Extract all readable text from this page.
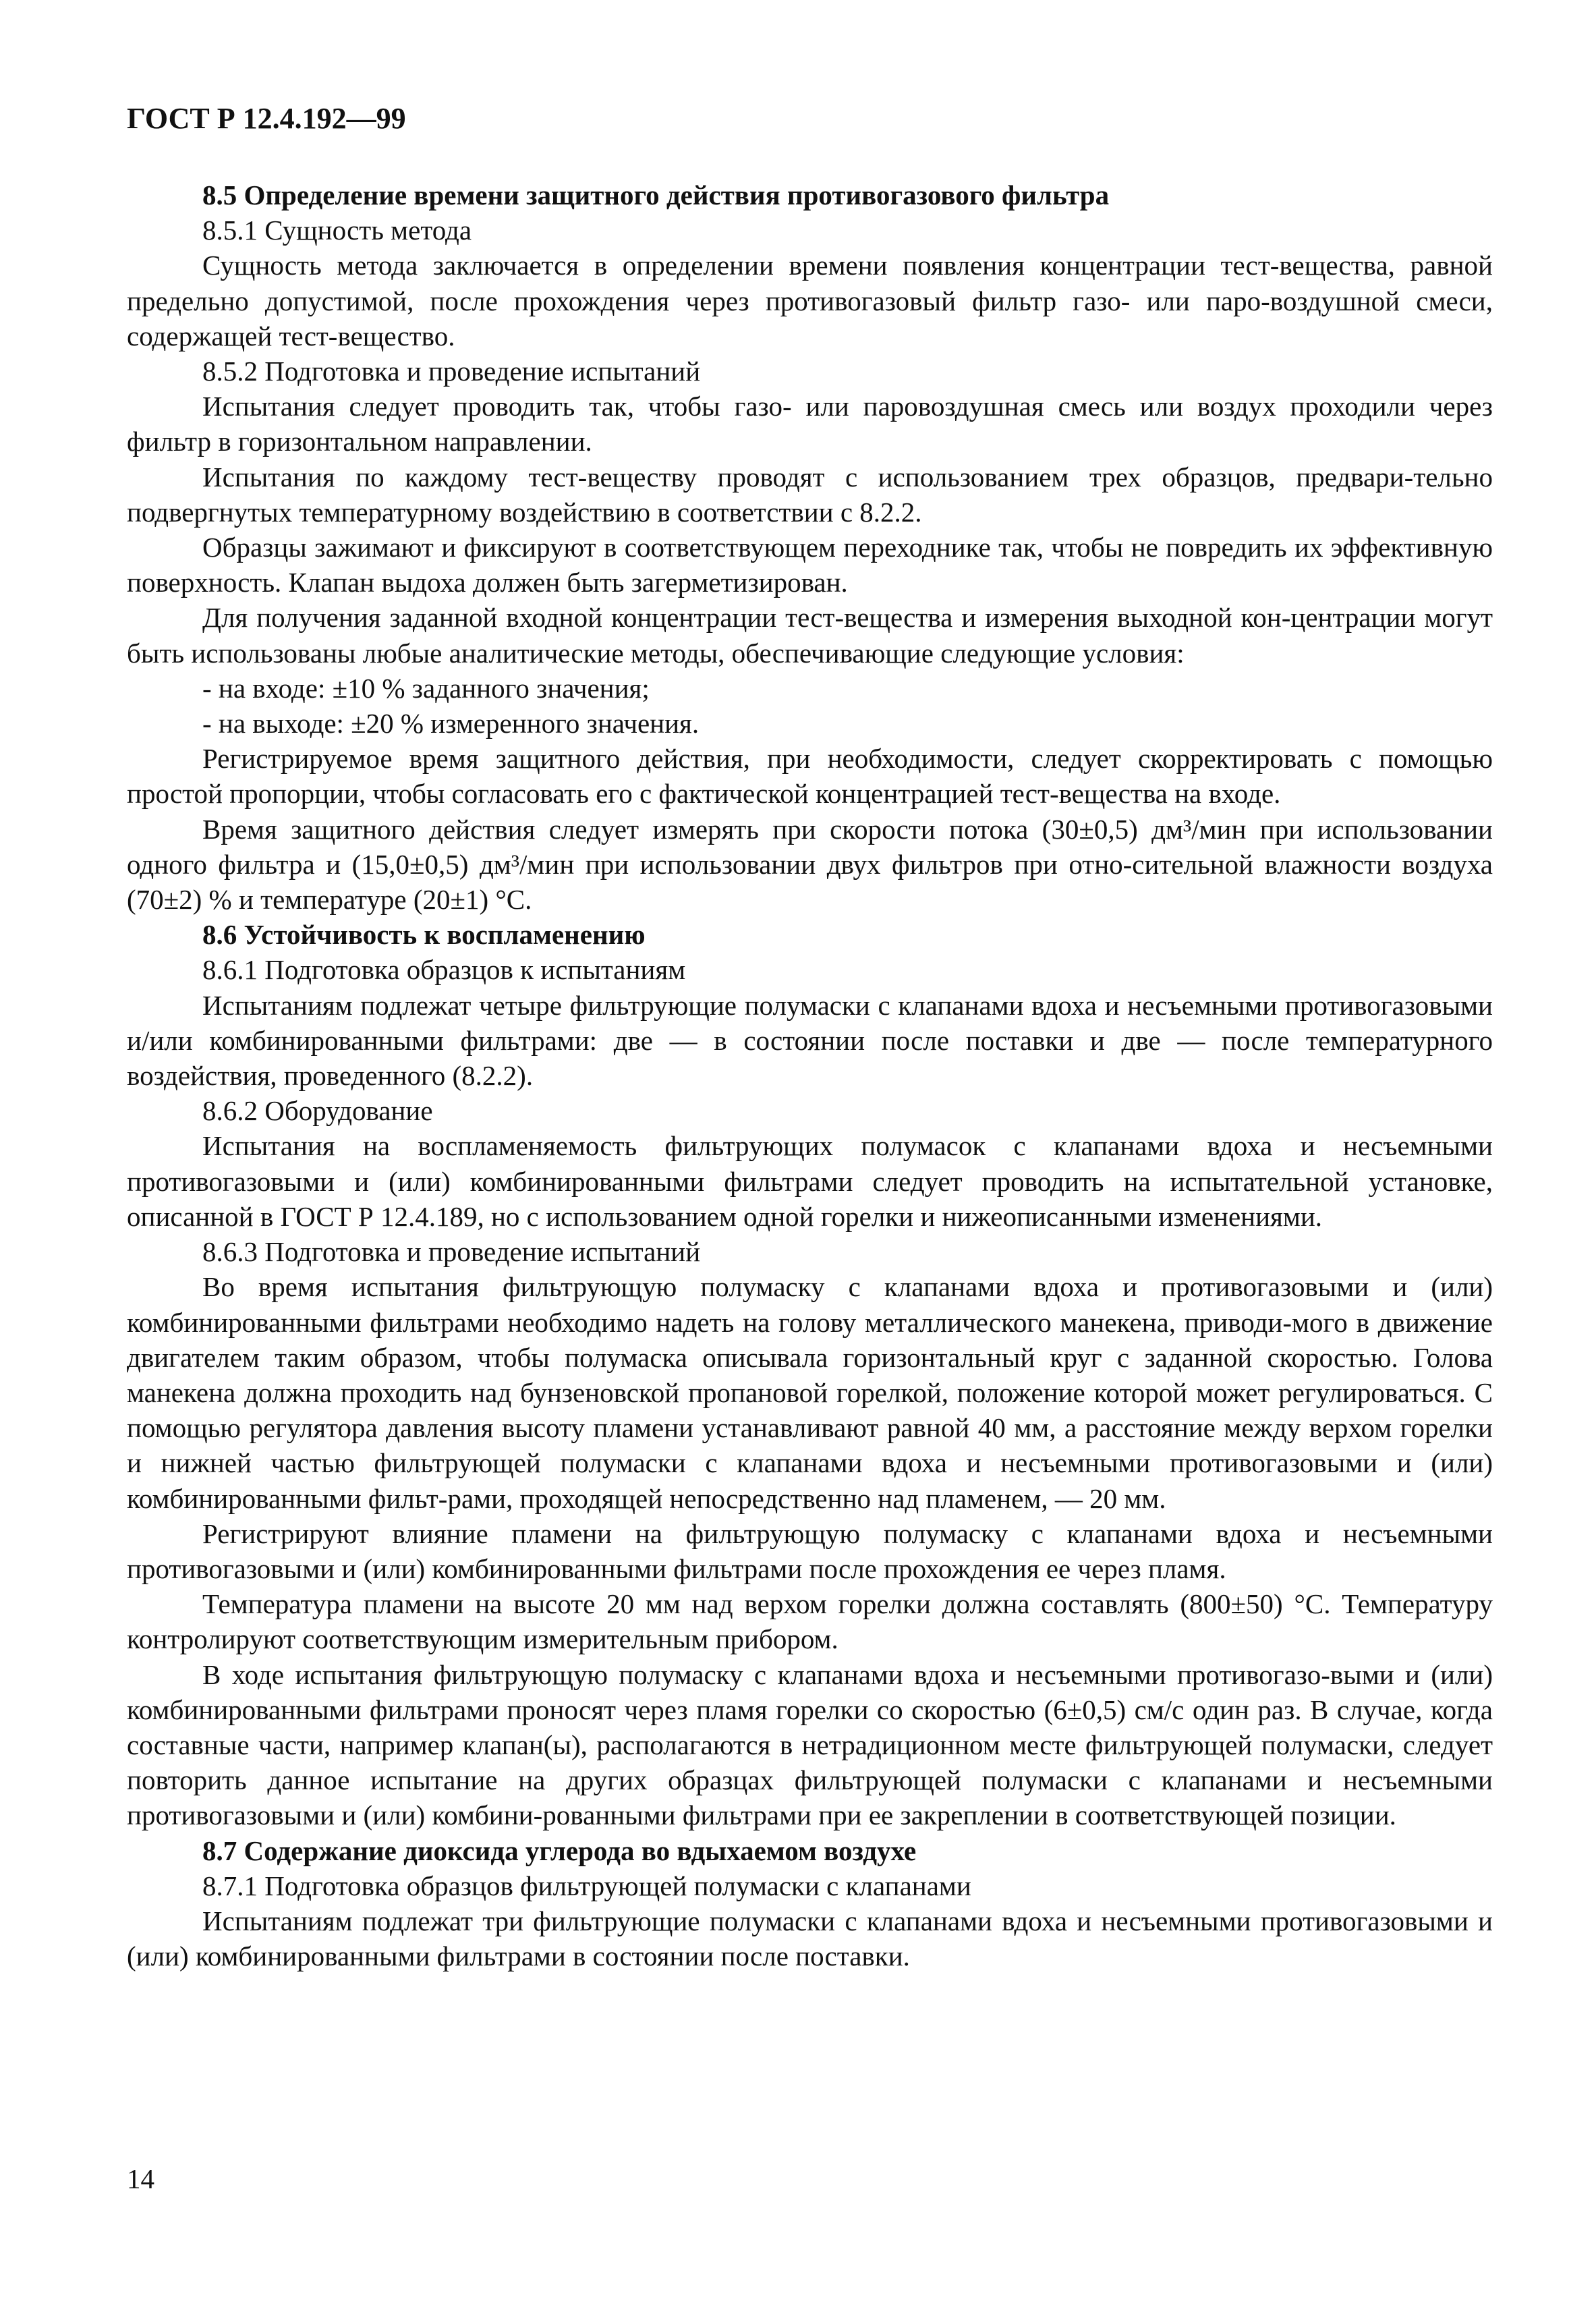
ГОСТ Р 12.4.192—99

8.5 Определение времени защитного действия противогазового фильтра

8.5.1 Сущность метода

Сущность метода заключается в определении времени появления концентрации тест-вещества, равной предельно допустимой, после прохождения через противогазовый фильтр газо- или паро-воздушной смеси, содержащей тест-вещество.

8.5.2 Подготовка и проведение испытаний

Испытания следует проводить так, чтобы газо- или паровоздушная смесь или воздух проходили через фильтр в горизонтальном направлении.

Испытания по каждому тест-веществу проводят с использованием трех образцов, предвари-тельно подвергнутых температурному воздействию в соответствии с 8.2.2.

Образцы зажимают и фиксируют в соответствующем переходнике так, чтобы не повредить их эффективную поверхность. Клапан выдоха должен быть загерметизирован.

Для получения заданной входной концентрации тест-вещества и измерения выходной кон-центрации могут быть использованы любые аналитические методы, обеспечивающие следующие условия:

- на входе: ±10 % заданного значения;

- на выходе: ±20 % измеренного значения.

Регистрируемое время защитного действия, при необходимости, следует скорректировать с помощью простой пропорции, чтобы согласовать его с фактической концентрацией тест-вещества на входе.

Время защитного действия следует измерять при скорости потока (30±0,5) дм³/мин при использовании одного фильтра и (15,0±0,5) дм³/мин при использовании двух фильтров при отно-сительной влажности воздуха (70±2) % и температуре (20±1) °С.

8.6 Устойчивость к воспламенению

8.6.1 Подготовка образцов к испытаниям

Испытаниям подлежат четыре фильтрующие полумаски с клапанами вдоха и несъемными противогазовыми и/или комбинированными фильтрами: две — в состоянии после поставки и две — после температурного воздействия, проведенного (8.2.2).

8.6.2 Оборудование

Испытания на воспламеняемость фильтрующих полумасок с клапанами вдоха и несъемными противогазовыми и (или) комбинированными фильтрами следует проводить на испытательной установке, описанной в ГОСТ Р 12.4.189, но с использованием одной горелки и нижеописанными изменениями.

8.6.3 Подготовка и проведение испытаний

Во время испытания фильтрующую полумаску с клапанами вдоха и противогазовыми и (или) комбинированными фильтрами необходимо надеть на голову металлического манекена, приводи-мого в движение двигателем таким образом, чтобы полумаска описывала горизонтальный круг с заданной скоростью. Голова манекена должна проходить над бунзеновской пропановой горелкой, положение которой может регулироваться. С помощью регулятора давления высоту пламени устанавливают равной 40 мм, а расстояние между верхом горелки и нижней частью фильтрующей полумаски с клапанами вдоха и несъемными противогазовыми и (или) комбинированными фильт-рами, проходящей непосредственно над пламенем, — 20 мм.

Регистрируют влияние пламени на фильтрующую полумаску с клапанами вдоха и несъемными противогазовыми и (или) комбинированными фильтрами после прохождения ее через пламя.

Температура пламени на высоте 20 мм над верхом горелки должна составлять (800±50) °С. Температуру контролируют соответствующим измерительным прибором.

В ходе испытания фильтрующую полумаску с клапанами вдоха и несъемными противогазо-выми и (или) комбинированными фильтрами проносят через пламя горелки со скоростью (6±0,5) см/с один раз. В случае, когда составные части, например клапан(ы), располагаются в нетрадиционном месте фильтрующей полумаски, следует повторить данное испытание на других образцах фильтрующей полумаски с клапанами и несъемными противогазовыми и (или) комбини-рованными фильтрами при ее закреплении в соответствующей позиции.

8.7 Содержание диоксида углерода во вдыхаемом воздухе

8.7.1 Подготовка образцов фильтрующей полумаски с клапанами

Испытаниям подлежат три фильтрующие полумаски с клапанами вдоха и несъемными противогазовыми и (или) комбинированными фильтрами в состоянии после поставки.

14
